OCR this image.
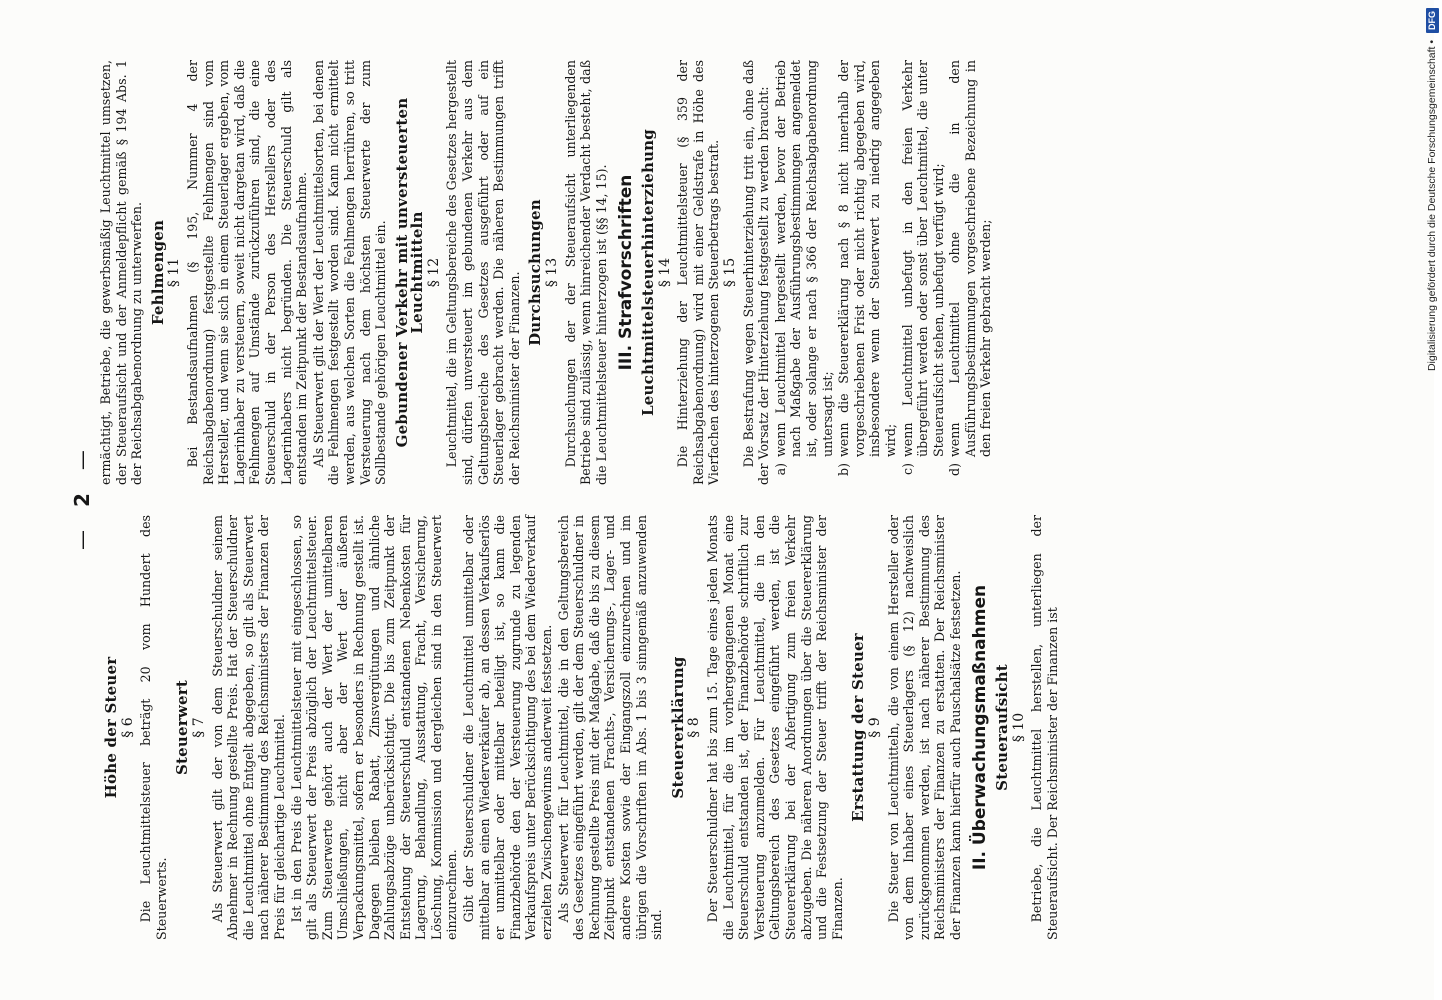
— 2 —
Höhe der Steuer § 6 Die Leuchtmittelsteuer beträgt 20 vom Hundert des Steuerwerts.

Steuerwert § 7 Als Steuerwert gilt der von dem Steuerschuldner seinem Abnehmer in Rechnung gestellte Preis. Hat der Steuerschuldner die Leuchtmittel ohne Entgelt abgegeben, so gilt als Steuerwert nach näherer Bestimmung des Reichsministers der Finanzen der Preis für gleichartige Leuchtmittel. Ist in den Preis die Leuchtmittelsteuer mit eingeschlossen, so gilt als Steuerwert der Preis abzüglich der Leuchtmittelsteuer. Zum Steuerwerte gehört auch der Wert der umittelbaren Umschließungen, nicht aber der Wert der äußeren Verpackungsmittel, sofern er besonders in Rechnung gestellt ist. Dagegen bleiben Rabatt, Zinsvergütungen und ähnliche Zahlungsabzüge unberücksichtigt. Die bis zum Zeitpunkt der Entstehung der Steuerschuld entstandenen Nebenkosten für Lagerung, Behandlung, Ausstattung, Fracht, Versicherung, Löschung, Kommission und dergleichen sind in den Steuerwert einzurechnen. Gibt der Steuerschuldner die Leuchtmittel unmittelbar oder mittelbar an einen Wiederverkäufer ab, an dessen Verkaufserlös er unmittelbar oder mittelbar beteiligt ist, so kann die Finanzbehörde den der Versteuerung zugrunde zu legenden Verkaufspreis unter Berücksichtigung des bei dem Wiederverkauf erzielten Zwischengewinns anderweit festsetzen. Als Steuerwert für Leuchtmittel, die in den Geltungsbereich des Gesetzes eingeführt werden, gilt der dem Steuerschuldner in Rechnung gestellte Preis mit der Maßgabe, daß die bis zu diesem Zeitpunkt entstandenen Frachts-, Versicherungs-, Lager- und andere Kosten sowie der Eingangszoll einzurechnen und im übrigen die Vorschriften im Abs. 1 bis 3 sinngemäß anzuwenden sind.

Steuererklärung § 8 Der Steuerschuldner hat bis zum 15. Tage eines jeden Monats die Leuchtmittel, für die im vorhergegangenen Monat eine Steuerschuld entstanden ist, der Finanzbehörde schriftlich zur Versteuerung anzumelden. Für Leuchtmittel, die in den Geltungsbereich des Gesetzes eingeführt werden, ist die Steuererklärung bei der Abfertigung zum freien Verkehr abzugeben. Die näheren Anordnungen über die Steuererklärung und die Festsetzung der Steuer trifft der Reichsminister der Finanzen.

Erstattung der Steuer § 9 Die Steuer von Leuchtmitteln, die von einem Hersteller oder von dem Inhaber eines Steuerlagers (§ 12) nachweislich zurückgenommen werden, ist nach näherer Bestimmung des Reichsministers der Finanzen zu erstatten. Der Reichsminister der Finanzen kann hierfür auch Pauschalsätze festsetzen. II. Überwachungsmaßnahmen Steueraufsicht § 10 Betriebe, die Leuchtmittel herstellen, unterliegen der Steueraufsicht. Der Reichsminister der Finanzen ist

ermächtigt, Betriebe, die gewerbsmäßig Leuchtmittel umsetzen, der Steueraufsicht und der Anmeldepflicht gemäß § 194 Abs. 1 der Reichsabgabenordnung zu unterwerfen. Fehlmengen § 11 Bei Bestandsaufnahmen (§ 195, Nummer 4 der Reichsabgabenordnung) festgestellte Fehlmengen sind vom Hersteller, und wenn sie sich in einem Steuerlager ergeben, vom Lagerinhaber zu versteuern, soweit nicht dargetan wird, daß die Fehlmengen auf Umstände zurückzuführen sind, die eine Steuerschuld in der Person des Herstellers oder des Lagerinhabers nicht begründen. Die Steuerschuld gilt als entstanden im Zeitpunkt der Bestandsaufnahme. Als Steuerwert gilt der Wert der Leuchtmittelsorten, bei denen die Fehlmengen festgestellt worden sind. Kann nicht ermittelt werden, aus welchen Sorten die Fehlmengen herrühren, so tritt Versteuerung nach dem höchsten Steuerwerte der zum Sollbestande gehörigen Leuchtmittel ein. Gebundener Verkehr mit unversteuerten Leuchtmitteln § 12 Leuchtmittel, die im Geltungsbereiche des Gesetzes hergestellt sind, dürfen unversteuert im gebundenen Verkehr aus dem Geltungsbereiche des Gesetzes ausgeführt oder auf ein Steuerlager gebracht werden. Die näheren Bestimmungen trifft der Reichsminister der Finanzen. Durchsuchungen § 13 Durchsuchungen der der Steueraufsicht unterliegenden Betriebe sind zulässig, wenn hinreichender Verdacht besteht, daß die Leuchtmittelsteuer hinterzogen ist (§§ 14, 15). III. Strafvorschriften Leuchtmittelsteuerhinterziehung § 14 Die Hinterziehung der Leuchtmittelsteuer (§ 359 der Reichsabgabenordnung) wird mit einer Geldstrafe in Höhe des Vierfachen des hinterzogenen Steuerbetrags bestraft. § 15 Die Bestrafung wegen Steuerhinterziehung tritt ein, ohne daß der Vorsatz der Hinterziehung festgestellt zu werden braucht: a)
wenn Leuchtmittel hergestellt werden, bevor der Betrieb nach Maßgabe der Ausführungsbestimmungen angemeldet ist, oder solange er nach § 366 der Reichsabgabenordnung untersagt ist;
b)
wenn die Steuererklärung nach § 8 nicht innerhalb der vorgeschriebenen Frist oder nicht richtig abgegeben wird, insbesondere wenn der Steuerwert zu niedrig angegeben wird;
c)
wenn Leuchtmittel unbefugt in den freien Verkehr übergeführt werden oder sonst über Leuchtmittel, die unter Steueraufsicht stehen, unbefugt verfügt wird;
d)
wenn Leuchtmittel ohne die in den Ausführungsbestimmungen vorgeschriebene Bezeichnung in den freien Verkehr gebracht werden;	Digitalisierung gefördert durch die Deutsche Forschungsgemeinschaft • DFG
